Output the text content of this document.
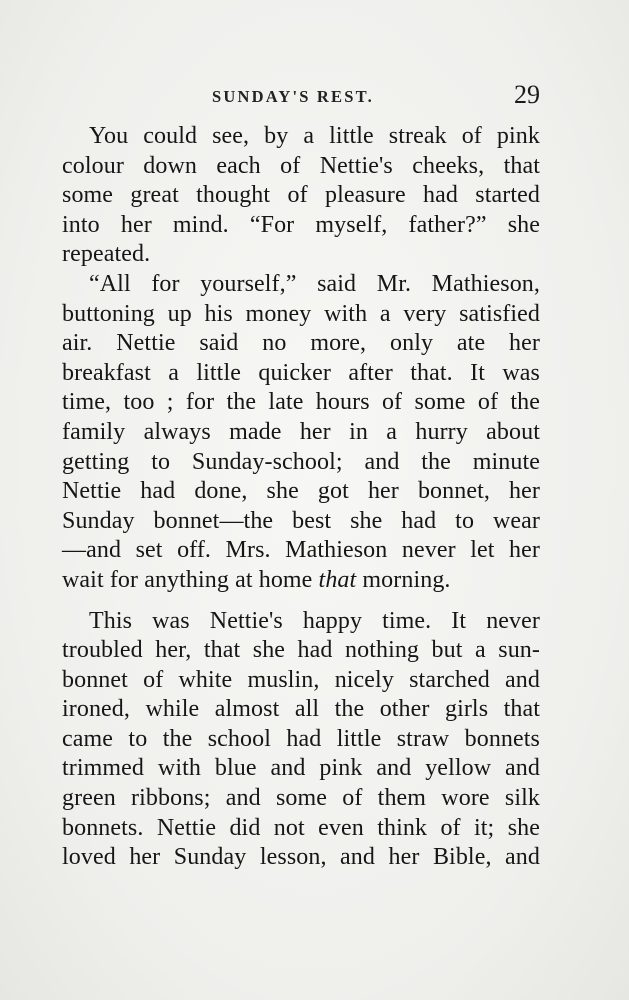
SUNDAY'S REST.	29
You could see, by a little streak of pink
colour down each of Nettie's cheeks, that
some great thought of pleasure had started
into her mind. “For myself, father?” she
repeated.
“All for yourself,” said Mr. Mathieson,
buttoning up his money with a very satisfied
air. Nettie said no more, only ate her
breakfast a little quicker after that. It was
time, too ; for the late hours of some of the
family always made her in a hurry about
getting to Sunday-school; and the minute
Nettie had done, she got her bonnet, her
Sunday bonnet—the best she had to wear
—and set off. Mrs. Mathieson never let her
wait for anything at home that morning.
This was Nettie's happy time. It never
troubled her, that she had nothing but a sun-
bonnet of white muslin, nicely starched and
ironed, while almost all the other girls that
came to the school had little straw bonnets
trimmed with blue and pink and yellow and
green ribbons; and some of them wore silk
bonnets. Nettie did not even think of it; she
loved her Sunday lesson, and her Bible, and
